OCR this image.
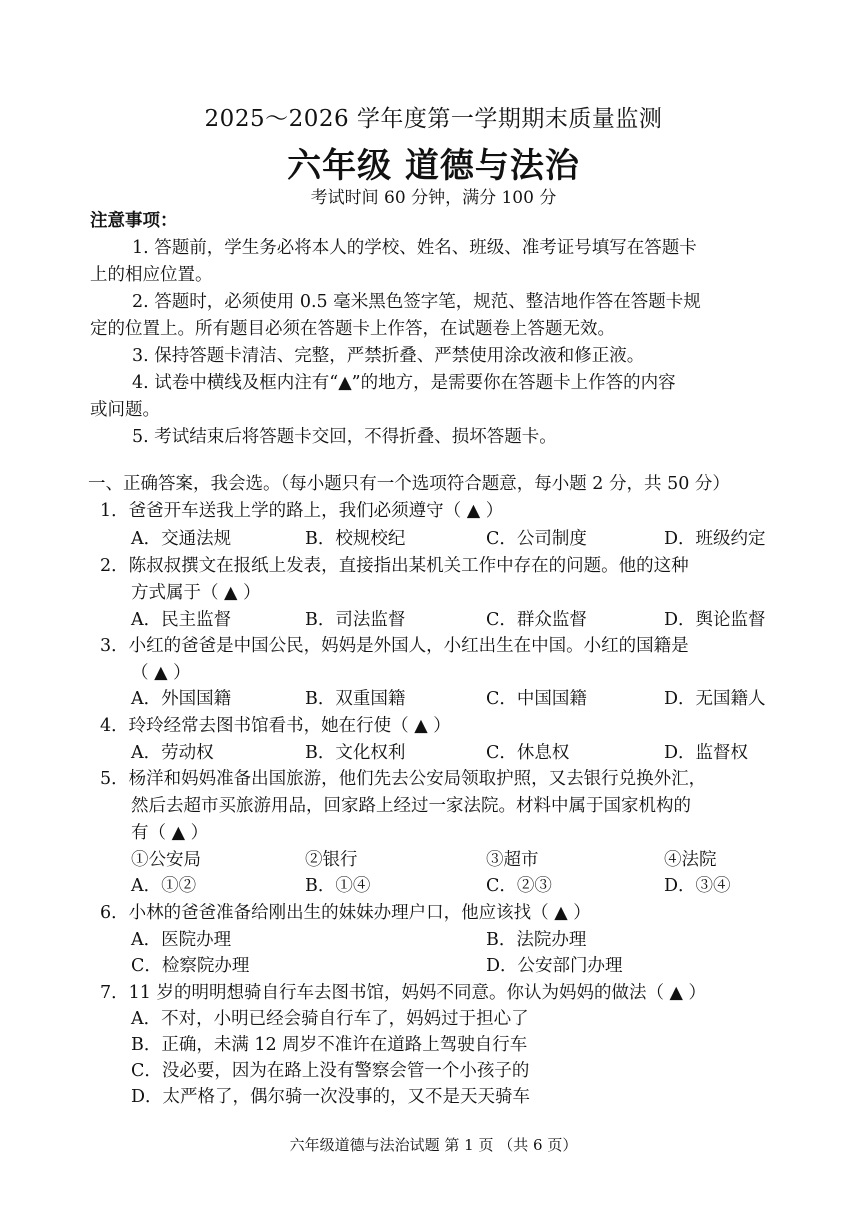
2025～2026 学年度第一学期期末质量监测
六年级 道德与法治
考试时间 60 分钟，满分 100 分
注意事项：
1. 答题前，学生务必将本人的学校、姓名、班级、准考证号填写在答题卡
上的相应位置。
2. 答题时，必须使用 0.5 毫米黑色签字笔，规范、整洁地作答在答题卡规
定的位置上。所有题目必须在答题卡上作答，在试题卷上答题无效。
3. 保持答题卡清洁、完整，严禁折叠、严禁使用涂改液和修正液。
4. 试卷中横线及框内注有“▲”的地方，是需要你在答题卡上作答的内容
或问题。
5. 考试结束后将答题卡交回，不得折叠、损坏答题卡。
一、正确答案，我会选。（每小题只有一个选项符合题意，每小题 2 分，共 50 分）
1．爸爸开车送我上学的路上，我们必须遵守（ ▲ ）
A．交通法规	B．校规校纪	C．公司制度	D．班级约定
2．陈叔叔撰文在报纸上发表，直接指出某机关工作中存在的问题。他的这种
方式属于（ ▲ ）
A．民主监督	B．司法监督	C．群众监督	D．舆论监督
3．小红的爸爸是中国公民，妈妈是外国人，小红出生在中国。小红的国籍是
（ ▲ ）
A．外国国籍	B．双重国籍	C．中国国籍	D．无国籍人
4．玲玲经常去图书馆看书，她在行使（ ▲ ）
A．劳动权	B．文化权利	C．休息权	D．监督权
5．杨洋和妈妈准备出国旅游，他们先去公安局领取护照，又去银行兑换外汇，
然后去超市买旅游用品，回家路上经过一家法院。材料中属于国家机构的
有（ ▲ ）
①公安局	②银行	③超市	④法院
A．①②	B．①④	C．②③	D．③④
6．小林的爸爸准备给刚出生的妹妹办理户口，他应该找（ ▲ ）
A．医院办理	B．法院办理
C．检察院办理	D．公安部门办理
7．11 岁的明明想骑自行车去图书馆，妈妈不同意。你认为妈妈的做法（ ▲ ）
A．不对，小明已经会骑自行车了，妈妈过于担心了
B．正确，未满 12 周岁不准许在道路上驾驶自行车
C．没必要，因为在路上没有警察会管一个小孩子的
D．太严格了，偶尔骑一次没事的，又不是天天骑车
六年级道德与法治试题 第 1 页 （共 6 页）
